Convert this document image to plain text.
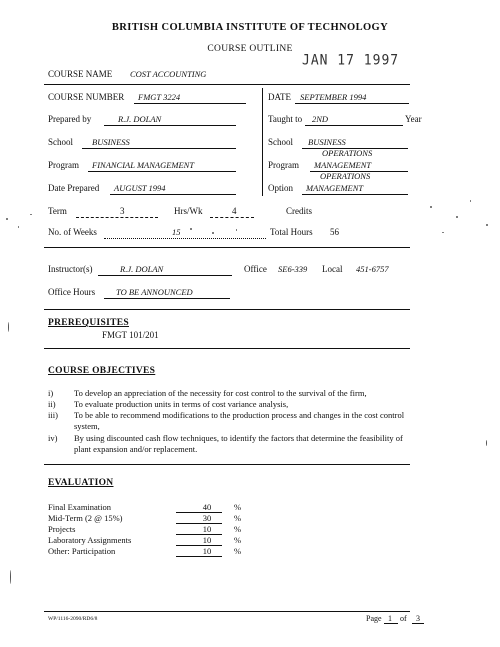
BRITISH COLUMBIA INSTITUTE OF TECHNOLOGY
COURSE OUTLINE
JAN 17 1997
COURSE NAME COST ACCOUNTING
COURSE NUMBER FMGT 3224	DATE SEPTEMBER 1994
Prepared by	R.J. DOLAN	Taught to 2ND	Year
School BUSINESS	School BUSINESS
OPERATIONS
Program FINANCIAL MANAGEMENT	Program MANAGEMENT
OPERATIONS
Date Prepared AUGUST 1994	Option MANAGEMENT
Term	3	Hrs/Wk	4	Credits
No. of Weeks	15	Total Hours 56
Instructor(s)	R.J. DOLAN	Office SE6-339 Local 451-6757
Office Hours TO BE ANNOUNCED
PREREQUISITES
FMGT 101/201
COURSE OBJECTIVES
i) To develop an appreciation of the necessity for cost control to the survival of the firm,
ii) To evaluate production units in terms of cost variance analysis,
iii) To be able to recommend modifications to the production process and changes in the cost control system,
iv) By using discounted cash flow techniques, to identify the factors that determine the feasibility of plant expansion and/or replacement.
EVALUATION
Final Examination	40	%
Mid-Term (2 @ 15%)	30	%
Projects	10	%
Laboratory Assignments	10	%
Other: Participation	10	%
WP/1116-2090/RD6/8	Page 1 of 3
